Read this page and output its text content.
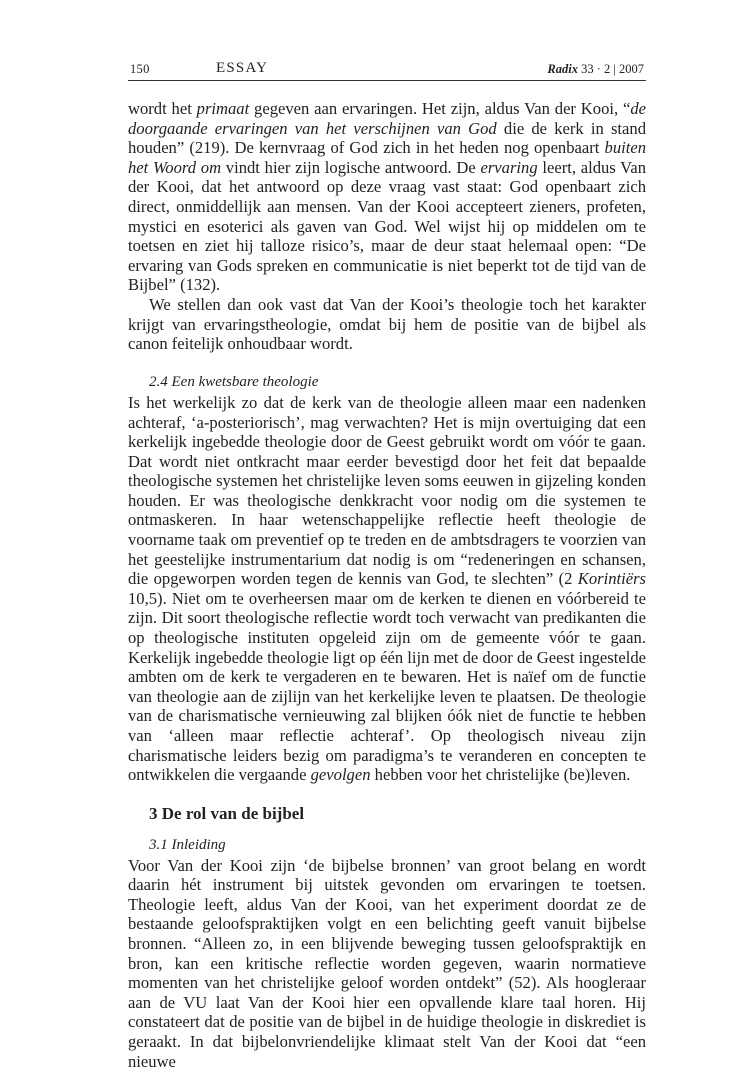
150	ESSAY	Radix 33 · 2 | 2007

wordt het primaat gegeven aan ervaringen. Het zijn, aldus Van der Kooi, “de doorgaande ervaringen van het verschijnen van God die de kerk in stand houden” (219). De kernvraag of God zich in het heden nog openbaart buiten het Woord om vindt hier zijn logische antwoord. De ervaring leert, aldus Van der Kooi, dat het antwoord op deze vraag vast staat: God openbaart zich direct, onmiddellijk aan mensen. Van der Kooi accepteert zieners, profeten, mystici en esoterici als gaven van God. Wel wijst hij op middelen om te toetsen en ziet hij talloze risico’s, maar de deur staat helemaal open: “De ervaring van Gods spreken en communicatie is niet beperkt tot de tijd van de Bijbel” (132).

We stellen dan ook vast dat Van der Kooi’s theologie toch het karakter krijgt van ervaringstheologie, omdat bij hem de positie van de bijbel als canon feitelijk onhoudbaar wordt.

2.4 Een kwetsbare theologie

Is het werkelijk zo dat de kerk van de theologie alleen maar een nadenken achteraf, ‘a-posteriorisch’, mag verwachten? Het is mijn overtuiging dat een kerkelijk ingebedde theologie door de Geest gebruikt wordt om vóór te gaan. Dat wordt niet ontkracht maar eerder bevestigd door het feit dat bepaalde theologische systemen het christelijke leven soms eeuwen in gijzeling konden houden. Er was theologische denkkracht voor nodig om die systemen te ontmaskeren. In haar wetenschappelijke reflectie heeft theologie de voorname taak om preventief op te treden en de ambtsdragers te voorzien van het geestelijke instrumentarium dat nodig is om “redeneringen en schansen, die opgeworpen worden tegen de kennis van God, te slechten” (2 Korintiërs 10,5). Niet om te overheersen maar om de kerken te dienen en vóórbereid te zijn. Dit soort theologische reflectie wordt toch verwacht van predikanten die op theologische instituten opgeleid zijn om de gemeente vóór te gaan. Kerkelijk ingebedde theologie ligt op één lijn met de door de Geest ingestelde ambten om de kerk te vergaderen en te bewaren. Het is naïef om de functie van theologie aan de zijlijn van het kerkelijke leven te plaatsen. De theologie van de charismatische vernieuwing zal blijken óók niet de functie te hebben van ‘alleen maar reflectie achteraf’. Op theologisch niveau zijn charismatische leiders bezig om paradigma’s te veranderen en concepten te ontwikkelen die vergaande gevolgen hebben voor het christelijke (be)leven.

3 De rol van de bijbel

3.1 Inleiding

Voor Van der Kooi zijn ‘de bijbelse bronnen’ van groot belang en wordt daarin hét instrument bij uitstek gevonden om ervaringen te toetsen. Theologie leeft, aldus Van der Kooi, van het experiment doordat ze de bestaande geloofspraktijken volgt en een belichting geeft vanuit bijbelse bronnen. “Alleen zo, in een blijvende beweging tussen geloofspraktijk en bron, kan een kritische reflectie worden gegeven, waarin normatieve momenten van het christelijke geloof worden ontdekt” (52). Als hoogleraar aan de VU laat Van der Kooi hier een opvallende klare taal horen. Hij constateert dat de positie van de bijbel in de huidige theologie in diskrediet is geraakt. In dat bijbelonvriendelijke klimaat stelt Van der Kooi dat “een nieuwe
